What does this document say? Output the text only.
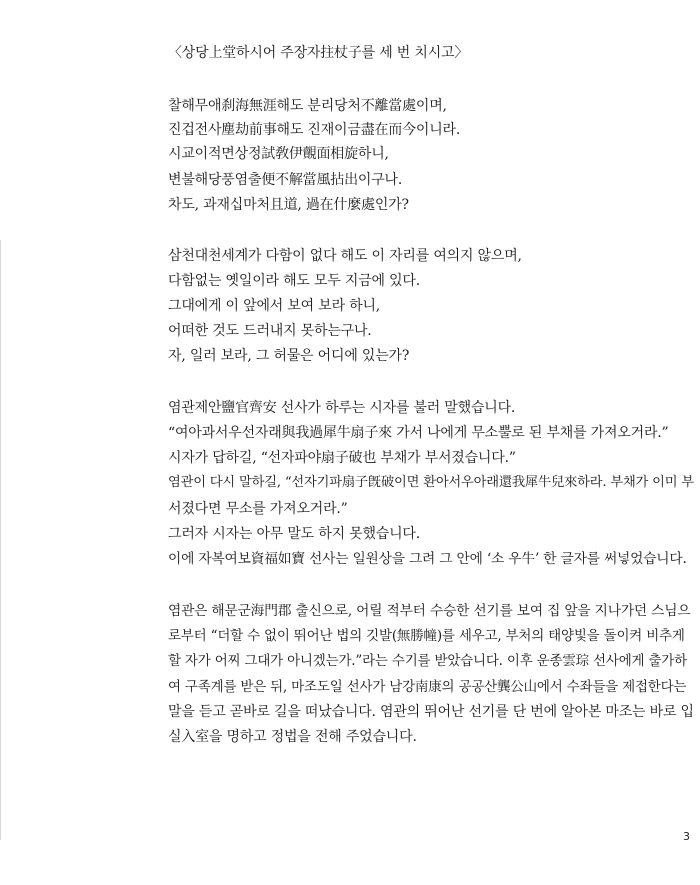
〈상당上堂하시어 주장자拄杖子를 세 번 치시고〉
찰해무애刹海無涯해도 분리당처不離當處이며,
진겁전사塵劫前事해도 진재이금盡在而今이니라.
시교이적면상정試敎伊覿面相旋하니,
변불해당풍염출便不解當風拈出이구나.
차도, 과재십마처且道, 過在什麼處인가?
삼천대천세계가 다함이 없다 해도 이 자리를 여의지 않으며,
다함없는 옛일이라 해도 모두 지금에 있다.
그대에게 이 앞에서 보여 보라 하니,
어떠한 것도 드러내지 못하는구나.
자, 일러 보라, 그 허물은 어디에 있는가?
염관제안鹽官齊安 선사가 하루는 시자를 불러 말했습니다.
“여아과서우선자래與我過犀牛扇子來 가서 나에게 무소뿔로 된 부채를 가져오거라.”
시자가 답하길, “선자파야扇子破也 부채가 부서졌습니다.”
염관이 다시 말하길, “선자기파扇子旣破이면 환아서우아래還我犀牛兒來하라. 부채가 이미 부
서졌다면 무소를 가져오거라.”
그러자 시자는 아무 말도 하지 못했습니다.
이에 자복여보資福如寶 선사는 일원상을 그려 그 안에 ‘소 우牛’ 한 글자를 써넣었습니다.
염관은 해문군海門郡 출신으로, 어릴 적부터 수승한 선기를 보여 집 앞을 지나가던 스님으
로부터 “더할 수 없이 뛰어난 법의 깃발(無勝幢)를 세우고, 부처의 태양빛을 돌이켜 비추게
할 자가 어찌 그대가 아니겠는가.”라는 수기를 받았습니다. 이후 운종雲琮 선사에게 출가하
여 구족계를 받은 뒤, 마조도일 선사가 남강南康의 공공산龔公山에서 수좌들을 제접한다는
말을 듣고 곧바로 길을 떠났습니다. 염관의 뛰어난 선기를 단 번에 알아본 마조는 바로 입
실入室을 명하고 정법을 전해 주었습니다.
3
